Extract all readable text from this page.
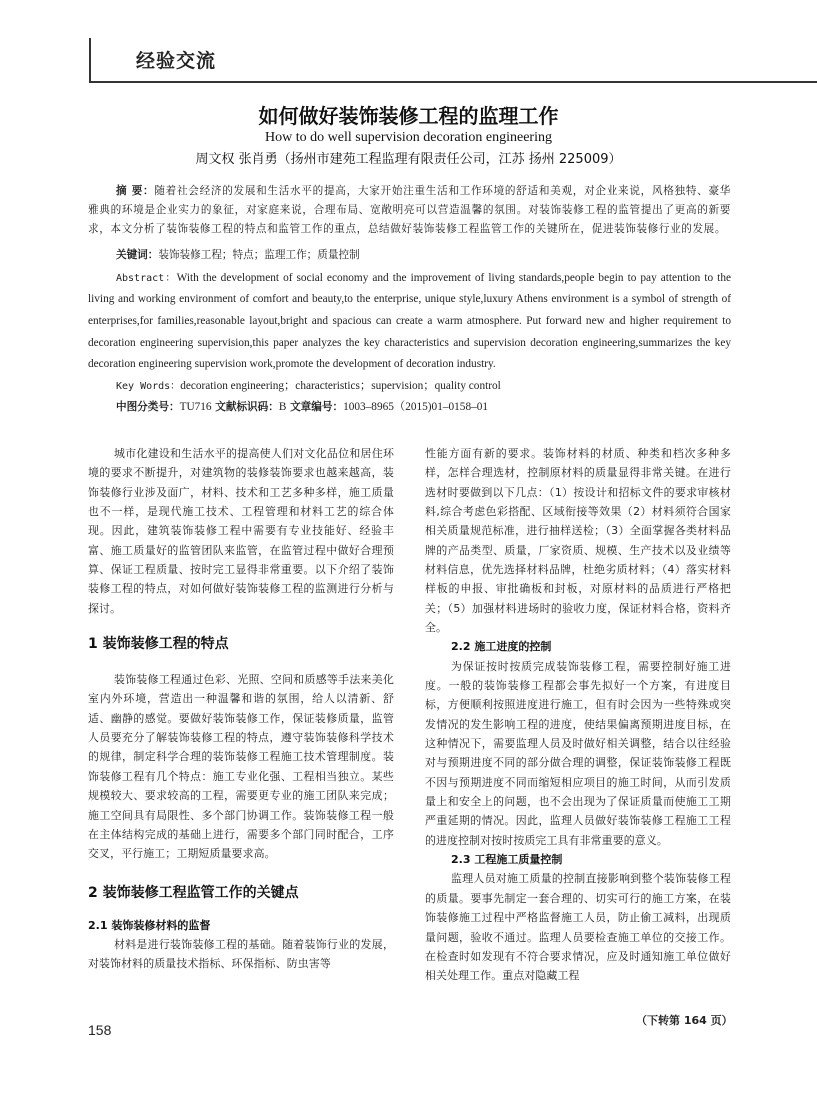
经验交流
如何做好装饰装修工程的监理工作
How to do well supervision decoration engineering
周文权 张肖勇（扬州市建苑工程监理有限责任公司，江苏 扬州 225009）

摘 要：随着社会经济的发展和生活水平的提高，大家开始注重生活和工作环境的舒适和美观，对企业来说，风格独特、豪华雅典的环境是企业实力的象征，对家庭来说，合理布局、宽敞明亮可以营造温馨的氛围。对装饰装修工程的监管提出了更高的新要求，本文分析了装饰装修工程的特点和监管工作的重点，总结做好装饰装修工程监管工作的关键所在，促进装饰装修行业的发展。

关键词：装饰装修工程；特点；监理工作；质量控制

Abstract：With the development of social economy and the improvement of living standards,people begin to pay attention to the living and working environment of comfort and beauty,to the enterprise, unique style,luxury Athens environment is a symbol of strength of enterprises,for families,reasonable layout,bright and spacious can create a warm atmosphere. Put forward new and higher requirement to decoration engineering supervision,this paper analyzes the key characteristics and supervision decoration engineering,summarizes the key decoration engineering supervision work,promote the development of decoration industry.

Key Words：decoration engineering；characteristics；supervision；quality control

中图分类号：TU716 文献标识码：B 文章编号：1003–8965（2015)01–0158–01

城市化建设和生活水平的提高使人们对文化品位和居住环境的要求不断提升，对建筑物的装修装饰要求也越来越高，装饰装修行业涉及面广，材料、技术和工艺多种多样，施工质量也不一样，是现代施工技术、工程管理和材料工艺的综合体现。因此，建筑装饰装修工程中需要有专业技能好、经验丰富、施工质量好的监管团队来监管，在监管过程中做好合理预算、保证工程质量、按时完工显得非常重要。以下介绍了装饰装修工程的特点，对如何做好装饰装修工程的监测进行分析与探讨。

1 装饰装修工程的特点

装饰装修工程通过色彩、光照、空间和质感等手法来美化室内外环境，营造出一种温馨和谐的氛围，给人以清新、舒适、幽静的感觉。要做好装饰装修工作，保证装修质量，监管人员要充分了解装饰装修工程的特点，遵守装饰装修科学技术的规律，制定科学合理的装饰装修工程施工技术管理制度。装饰装修工程有几个特点：施工专业化强、工程相当独立。某些规模较大、要求较高的工程，需要更专业的施工团队来完成；施工空间具有局限性、多个部门协调工作。装饰装修工程一般在主体结构完成的基础上进行，需要多个部门同时配合，工序交叉，平行施工；工期短质量要求高。

2 装饰装修工程监管工作的关键点

2.1 装饰装修材料的监督

材料是进行装饰装修工程的基础。随着装饰行业的发展，对装饰材料的质量技术指标、环保指标、防虫害等

性能方面有新的要求。装饰材料的材质、种类和档次多种多样，怎样合理选材，控制原材料的质量显得非常关键。在进行选材时要做到以下几点：（1）按设计和招标文件的要求审核材料,综合考虑色彩搭配、区域衔接等效果（2）材料须符合国家相关质量规范标准，进行抽样送检；（3）全面掌握各类材料品牌的产品类型、质量，厂家资质、规模、生产技术以及业绩等材料信息，优先选择材料品牌，杜绝劣质材料；（4）落实材料样板的申报、审批确板和封板，对原材料的品质进行严格把关；（5）加强材料进场时的验收力度，保证材料合格，资料齐全。

2.2 施工进度的控制

为保证按时按质完成装饰装修工程，需要控制好施工进度。一般的装饰装修工程都会事先拟好一个方案，有进度目标，方便顺利按照进度进行施工，但有时会因为一些特殊或突发情况的发生影响工程的进度，使结果偏离预期进度目标，在这种情况下，需要监理人员及时做好相关调整，结合以往经验对与预期进度不同的部分做合理的调整，保证装饰装修工程既不因与预期进度不同而缩短相应项目的施工时间，从而引发质量上和安全上的问题，也不会出现为了保证质量而使施工工期严重延期的情况。因此，监理人员做好装饰装修工程施工工程的进度控制对按时按质完工具有非常重要的意义。

2.3 工程施工质量控制

监理人员对施工质量的控制直接影响到整个装饰装修工程的质量。要事先制定一套合理的、切实可行的施工方案，在装饰装修施工过程中严格监督施工人员，防止偷工减料，出现质量问题，验收不通过。监理人员要检查施工单位的交接工作。在检查时如发现有不符合要求情况，应及时通知施工单位做好相关处理工作。重点对隐藏工程

（下转第 164 页）
158
